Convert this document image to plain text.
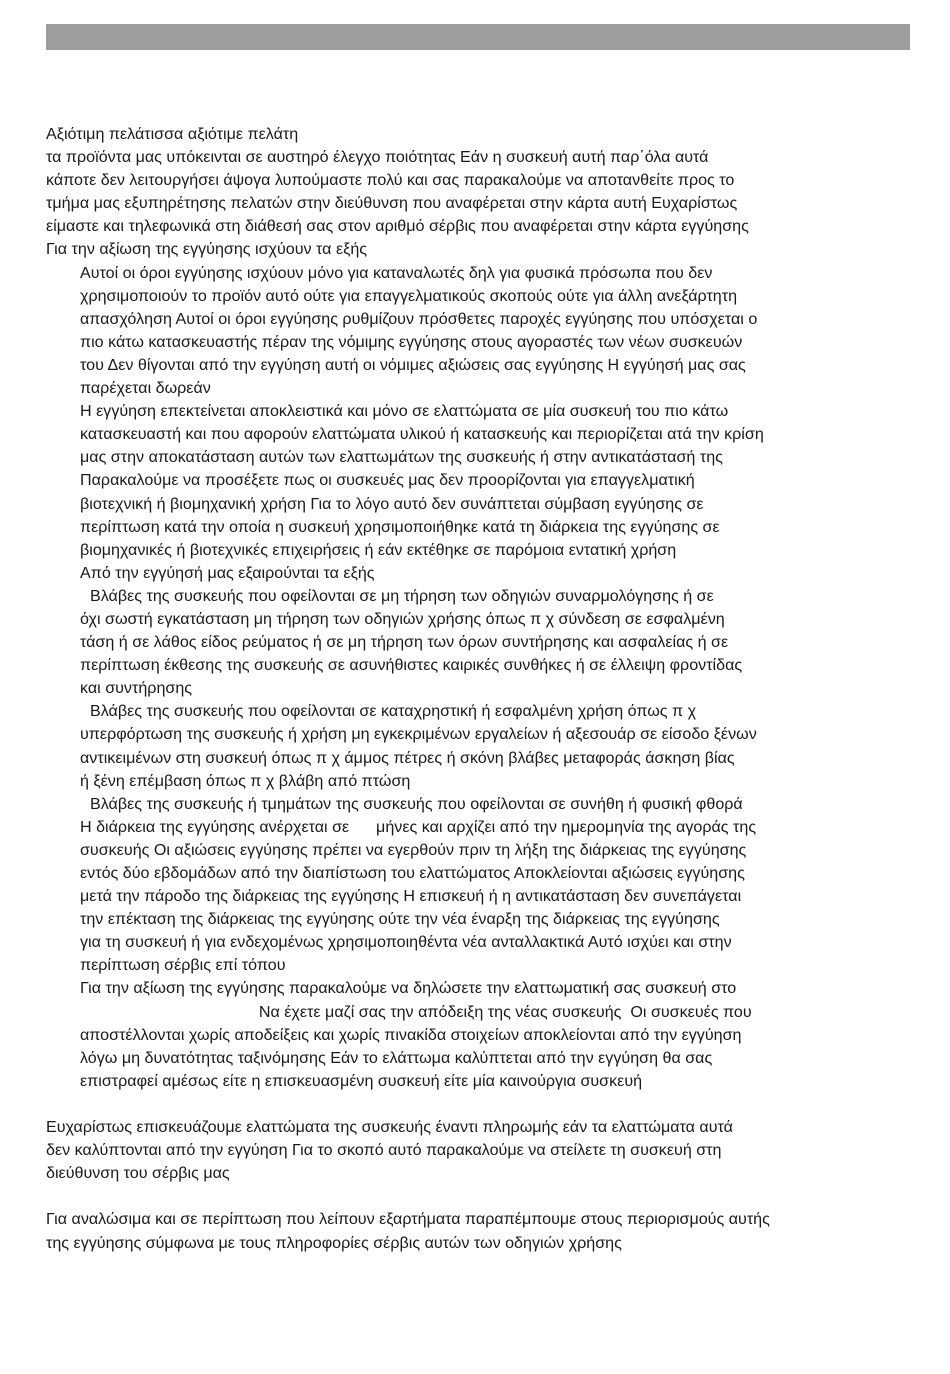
Αξιότιμη πελάτισσα αξιότιμε πελάτη
τα προϊόντα μας υπόκεινται σε αυστηρό έλεγχο ποιότητας Εάν η συσκευή αυτή παρ΄όλα αυτά
κάποτε δεν λειτουργήσει άψογα λυπούμαστε πολύ και σας παρακαλούμε να αποτανθείτε προς το
τμήμα μας εξυπηρέτησης πελατών στην διεύθυνση που αναφέρεται στην κάρτα αυτή Ευχαρίστως
είμαστε και τηλεφωνικά στη διάθεσή σας στον αριθμό σέρβις που αναφέρεται στην κάρτα εγγύησης
Για την αξίωση της εγγύησης ισχύουν τα εξής
Αυτοί οι όροι εγγύησης ισχύουν μόνο για καταναλωτές δηλ για φυσικά πρόσωπα που δεν
χρησιμοποιούν το προϊόν αυτό ούτε για επαγγελματικούς σκοπούς ούτε για άλλη ανεξάρτητη
απασχόληση Αυτοί οι όροι εγγύησης ρυθμίζουν πρόσθετες παροχές εγγύησης που υπόσχεται ο
πιο κάτω κατασκευαστής πέραν της νόμιμης εγγύησης στους αγοραστές των νέων συσκευών
του Δεν θίγονται από την εγγύηση αυτή οι νόμιμες αξιώσεις σας εγγύησης Η εγγύησή μας σας
παρέχεται δωρεάν
Η εγγύηση επεκτείνεται αποκλειστικά και μόνο σε ελαττώματα σε μία συσκευή του πιο κάτω
κατασκευαστή και που αφορούν ελαττώματα υλικού ή κατασκευής και περιορίζεται ατά την κρίση
μας στην αποκατάσταση αυτών των ελαττωμάτων της συσκευής ή στην αντικατάστασή της
Παρακαλούμε να προσέξετε πως οι συσκευές μας δεν προορίζονται για επαγγελματική
βιοτεχνική ή βιομηχανική χρήση Για το λόγο αυτό δεν συνάπτεται σύμβαση εγγύησης σε
περίπτωση κατά την οποία η συσκευή χρησιμοποιήθηκε κατά τη διάρκεια της εγγύησης σε
βιομηχανικές ή βιοτεχνικές επιχειρήσεις ή εάν εκτέθηκε σε παρόμοια εντατική χρήση
Από την εγγύησή μας εξαιρούνται τα εξής
Βλάβες της συσκευής που οφείλονται σε μη τήρηση των οδηγιών συναρμολόγησης ή σε
όχι σωστή εγκατάσταση μη τήρηση των οδηγιών χρήσης όπως π χ σύνδεση σε εσφαλμένη
τάση ή σε λάθος είδος ρεύματος ή σε μη τήρηση των όρων συντήρησης και ασφαλείας ή σε
περίπτωση έκθεσης της συσκευής σε ασυνήθιστες καιρικές συνθήκες ή σε έλλειψη φροντίδας
και συντήρησης
Βλάβες της συσκευής που οφείλονται σε καταχρηστική ή εσφαλμένη χρήση όπως π χ
υπερφόρτωση της συσκευής ή χρήση μη εγκεκριμένων εργαλείων ή αξεσουάρ σε είσοδο ξένων
αντικειμένων στη συσκευή όπως π χ άμμος πέτρες ή σκόνη βλάβες μεταφοράς άσκηση βίας
ή ξένη επέμβαση όπως π χ βλάβη από πτώση
Βλάβες της συσκευής ή τμημάτων της συσκευής που οφείλονται σε συνήθη ή φυσική φθορά
Η διάρκεια της εγγύησης ανέρχεται σε      μήνες και αρχίζει από την ημερομηνία της αγοράς της
συσκευής Οι αξιώσεις εγγύησης πρέπει να εγερθούν πριν τη λήξη της διάρκειας της εγγύησης
εντός δύο εβδομάδων από την διαπίστωση του ελαττώματος Αποκλείονται αξιώσεις εγγύησης
μετά την πάροδο της διάρκειας της εγγύησης Η επισκευή ή η αντικατάσταση δεν συνεπάγεται
την επέκταση της διάρκειας της εγγύησης ούτε την νέα έναρξη της διάρκειας της εγγύησης
για τη συσκευή ή για ενδεχομένως χρησιμοποιηθέντα νέα ανταλλακτικά Αυτό ισχύει και στην
περίπτωση σέρβις επί τόπου
Για την αξίωση της εγγύησης παρακαλούμε να δηλώσετε την ελαττωματική σας συσκευή στο
Να έχετε μαζί σας την απόδειξη της νέας συσκευής  Οι συσκευές που
αποστέλλονται χωρίς αποδείξεις και χωρίς πινακίδα στοιχείων αποκλείονται από την εγγύηση
λόγω μη δυνατότητας ταξινόμησης Εάν το ελάττωμα καλύπτεται από την εγγύηση θα σας
επιστραφεί αμέσως είτε η επισκευασμένη συσκευή είτε μία καινούργια συσκευή
Ευχαρίστως επισκευάζουμε ελαττώματα της συσκευής έναντι πληρωμής εάν τα ελαττώματα αυτά
δεν καλύπτονται από την εγγύηση Για το σκοπό αυτό παρακαλούμε να στείλετε τη συσκευή στη
διεύθυνση του σέρβις μας
Για αναλώσιμα και σε περίπτωση που λείπουν εξαρτήματα παραπέμπουμε στους περιορισμούς αυτής
της εγγύησης σύμφωνα με τους πληροφορίες σέρβις αυτών των οδηγιών χρήσης
